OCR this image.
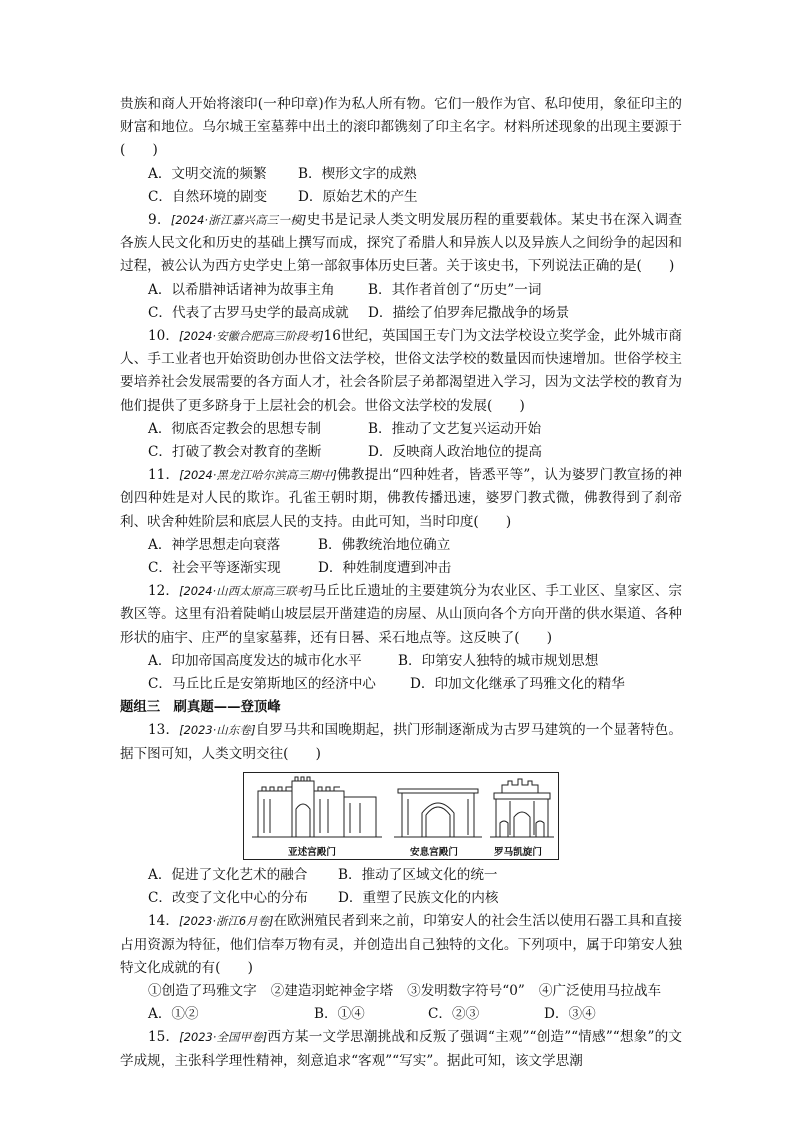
贵族和商人开始将滚印(一种印章)作为私人所有物。它们一般作为官、私印使用，象征印主的财富和地位。乌尔城王室墓葬中出土的滚印都镌刻了印主名字。材料所述现象的出现主要源于(　　)

A．文明交流的频繁 B．楔形文字的成熟
C．自然环境的剧变 D．原始艺术的产生

9．[2024·浙江嘉兴高三一模]史书是记录人类文明发展历程的重要载体。某史书在深入调查各族人民文化和历史的基础上撰写而成，探究了希腊人和异族人以及异族人之间纷争的起因和过程，被公认为西方史学史上第一部叙事体历史巨著。关于该史书，下列说法正确的是(　　)

A．以希腊神话诸神为故事主角 B．其作者首创了“历史”一词
C．代表了古罗马史学的最高成就 D．描绘了伯罗奔尼撒战争的场景

10．[2024·安徽合肥高三阶段考]16世纪，英国国王专门为文法学校设立奖学金，此外城市商人、手工业者也开始资助创办世俗文法学校，世俗文法学校的数量因而快速增加。世俗学校主要培养社会发展需要的各方面人才，社会各阶层子弟都渴望进入学习，因为文法学校的教育为他们提供了更多跻身于上层社会的机会。世俗文法学校的发展(　　)

A．彻底否定教会的思想专制	B．推动了文艺复兴运动开始
C．打破了教会对教育的垄断	D．反映商人政治地位的提高

11．[2024·黑龙江哈尔滨高三期中]佛教提出“四种姓者，皆悉平等”，认为婆罗门教宣扬的神创四种姓是对人民的欺诈。孔雀王朝时期，佛教传播迅速，婆罗门教式微，佛教得到了刹帝利、吠舍种姓阶层和底层人民的支持。由此可知，当时印度(　　)

A．神学思想走向衰落	B．佛教统治地位确立
C．社会平等逐渐实现	D．种姓制度遭到冲击

12．[2024·山西太原高三联考]马丘比丘遗址的主要建筑分为农业区、手工业区、皇家区、宗教区等。这里有沿着陡峭山坡层层开凿建造的房屋、从山顶向各个方向开凿的供水渠道、各种形状的庙宇、庄严的皇家墓葬，还有日晷、采石地点等。这反映了(　　)

A．印加帝国高度发达的城市化水平	B．印第安人独特的城市规划思想
C．马丘比丘是安第斯地区的经济中心	D．印加文化继承了玛雅文化的精华
题组三　刷真题——登顶峰

13．[2023·山东卷]自罗马共和国晚期起，拱门形制逐渐成为古罗马建筑的一个显著特色。据下图可知，人类文明交往(　　)

亚述宫殿门	安息宫殿门	罗马凯旋门
A．促进了文化艺术的融合 B．推动了区域文化的统一
C．改变了文化中心的分布 D．重塑了民族文化的内核

14．[2023·浙江6月卷]在欧洲殖民者到来之前，印第安人的社会生活以使用石器工具和直接占用资源为特征，他们信奉万物有灵，并创造出自己独特的文化。下列项中，属于印第安人独特文化成就的有(　　)

①创造了玛雅文字 ②建造羽蛇神金字塔 ③发明数字符号“0” ④广泛使用马拉战车
A．①②	B．①④	C．②③	D．③④

15．[2023·全国甲卷]西方某一文学思潮挑战和反叛了强调“主观”“创造”“情感”“想象”的文学成规，主张科学理性精神，刻意追求“客观”“写实”。据此可知，该文学思潮
